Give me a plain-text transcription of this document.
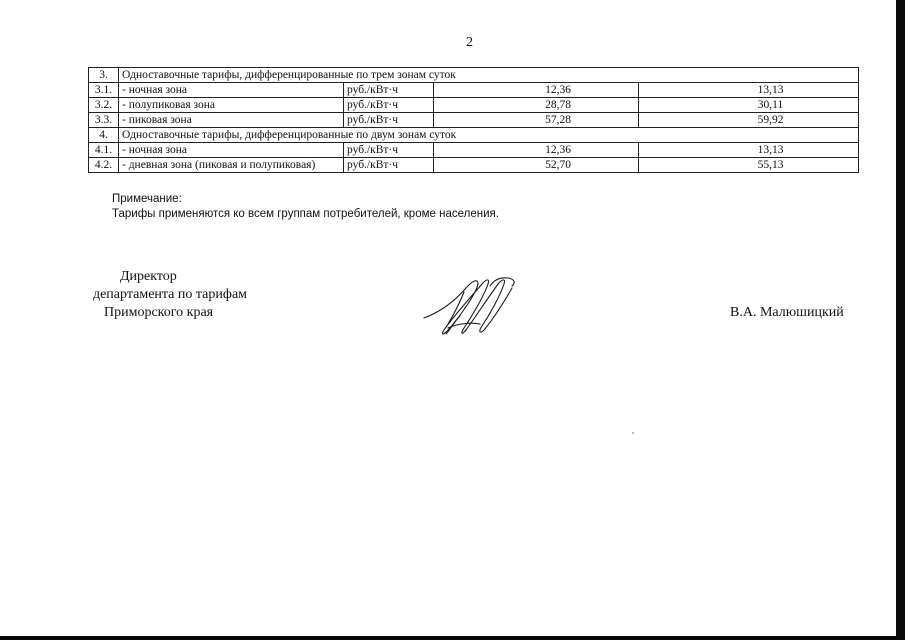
2
3.	Одноставочные тарифы, дифференцированные по трем зонам суток			
3.1.	- ночная зона	руб./кВт·ч	12,36	13,13
3.2.	- полупиковая зона	руб./кВт·ч	28,78	30,11
3.3.	- пиковая зона	руб./кВт·ч	57,28	59,92
4.	Одноставочные тарифы, дифференцированные по двум зонам суток			
4.1.	- ночная зона	руб./кВт·ч	12,36	13,13
4.2.	- дневная зона (пиковая и полупиковая)	руб./кВт·ч	52,70	55,13
Примечание:
Тарифы применяются ко всем группам потребителей, кроме населения.
Директор
департамента по тарифам
Приморского края	В.А. Малюшицкий
